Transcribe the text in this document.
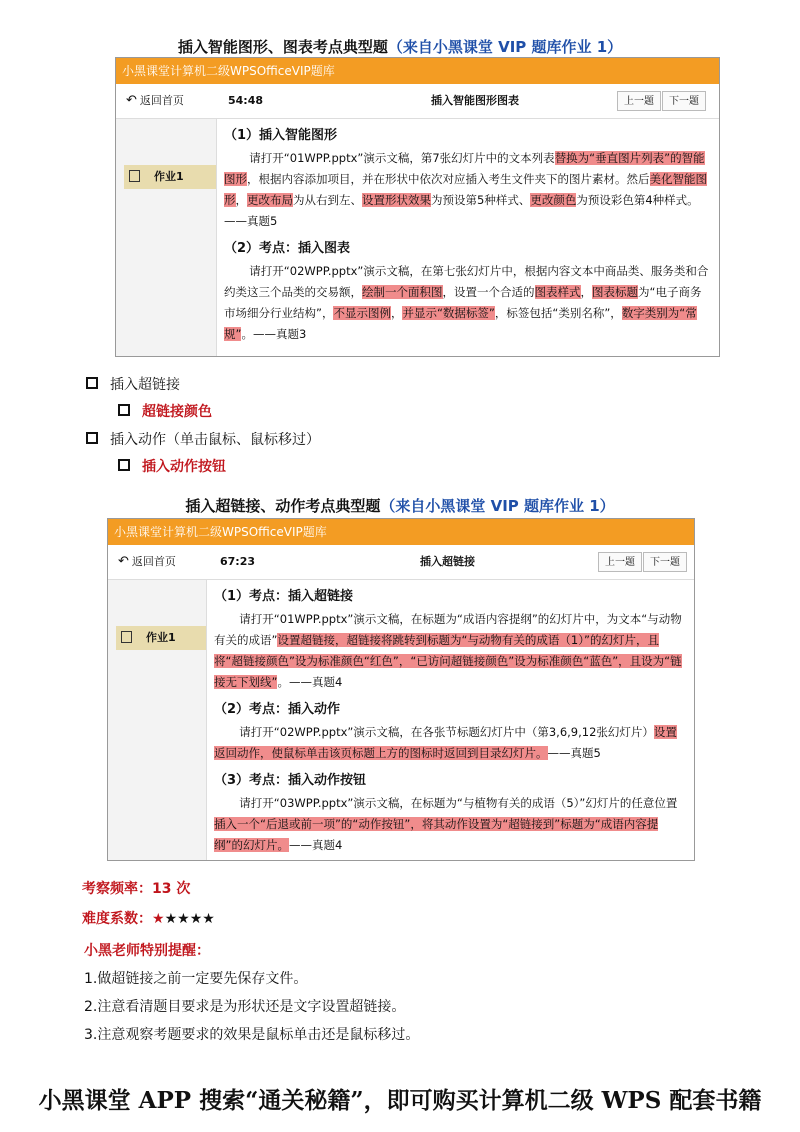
插入智能图形、图表考点典型题（来自小黑课堂 VIP 题库作业 1）
小黑课堂计算机二级WPSOfficeVIP题库
↶ 返回首页	54:48	插入智能图形图表	上一题	下一题
作业1
（1）插入智能图形

请打开“01WPP.pptx”演示文稿，第7张幻灯片中的文本列表替换为“垂直图片列表”的智能图形，根据内容添加项目，并在形状中依次对应插入考生文件夹下的图片素材。然后美化智能图形，更改布局为从右到左、设置形状效果为预设第5种样式、更改颜色为预设彩色第4种样式。——真题5

（2）考点：插入图表

请打开“02WPP.pptx”演示文稿，在第七张幻灯片中，根据内容文本中商品类、服务类和合约类这三个品类的交易额，绘制一个面积图，设置一个合适的图表样式，图表标题为“电子商务市场细分行业结构”，不显示图例，并显示“数据标签”，标签包括“类别名称”，数字类别为“常规”。——真题3

插入超链接
超链接颜色
插入动作（单击鼠标、鼠标移过）
插入动作按钮
插入超链接、动作考点典型题（来自小黑课堂 VIP 题库作业 1）
小黑课堂计算机二级WPSOfficeVIP题库
↶ 返回首页	67:23	插入超链接	上一题	下一题
作业1
（1）考点：插入超链接

请打开“01WPP.pptx”演示文稿，在标题为“成语内容提纲”的幻灯片中，为文本“与动物有关的成语”设置超链接，超链接将跳转到标题为“与动物有关的成语（1）”的幻灯片，且将“超链接颜色”设为标准颜色“红色”，“已访问超链接颜色”设为标准颜色“蓝色”，且设为“链接无下划线”。——真题4

（2）考点：插入动作

请打开“02WPP.pptx”演示文稿，在各张节标题幻灯片中（第3,6,9,12张幻灯片）设置返回动作，使鼠标单击该页标题上方的图标时返回到目录幻灯片。——真题5

（3）考点：插入动作按钮

请打开“03WPP.pptx”演示文稿，在标题为“与植物有关的成语（5）”幻灯片的任意位置插入一个“后退或前一项”的“动作按钮”，将其动作设置为“超链接到”标题为“成语内容提纲”的幻灯片。——真题4

考察频率：13 次
难度系数：★★★★★
小黑老师特别提醒：
1.做超链接之前一定要先保存文件。
2.注意看清题目要求是为形状还是文字设置超链接。
3.注意观察考题要求的效果是鼠标单击还是鼠标移过。
小黑课堂 APP 搜索“通关秘籍”，即可购买计算机二级 WPS 配套书籍
